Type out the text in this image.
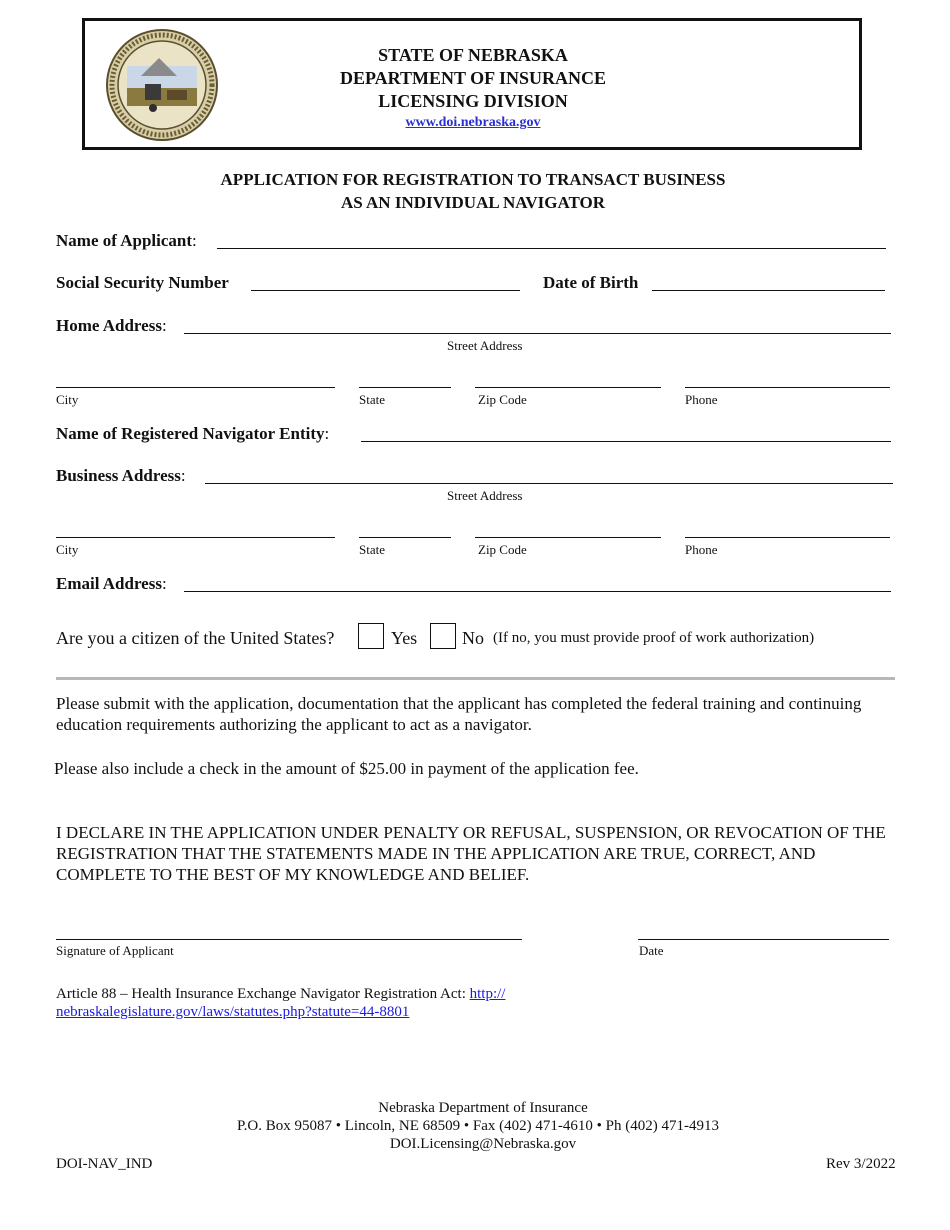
STATE OF NEBRASKA
DEPARTMENT OF INSURANCE
LICENSING DIVISION
www.doi.nebraska.gov
APPLICATION FOR REGISTRATION TO TRANSACT BUSINESS
AS AN INDIVIDUAL NAVIGATOR
Name of Applicant:
Social Security Number	Date of Birth
Home Address:
Street Address
City	State	Zip Code	Phone
Name of Registered Navigator Entity:
Business Address:
Street Address
City	State	Zip Code	Phone
Email Address:
Are you a citizen of the United States?	Yes No (If no, you must provide proof of work authorization)
Please submit with the application, documentation that the applicant has completed the federal training and continuing education requirements authorizing the applicant to act as a navigator.
Please also include a check in the amount of $25.00 in payment of the application fee.
I DECLARE IN THE APPLICATION UNDER PENALTY OR REFUSAL, SUSPENSION, OR REVOCATION OF THE REGISTRATION THAT THE STATEMENTS MADE IN THE APPLICATION ARE TRUE, CORRECT, AND COMPLETE TO THE BEST OF MY KNOWLEDGE AND BELIEF.
Signature of Applicant	Date
Article 88 – Health Insurance Exchange Navigator Registration Act: http://
nebraskalegislature.gov/laws/statutes.php?statute=44-8801
Nebraska Department of Insurance
P.O. Box 95087 • Lincoln, NE 68509 • Fax (402) 471-4610 • Ph (402) 471-4913
DOI.Licensing@Nebraska.gov
DOI-NAV_IND	Rev 3/2022
